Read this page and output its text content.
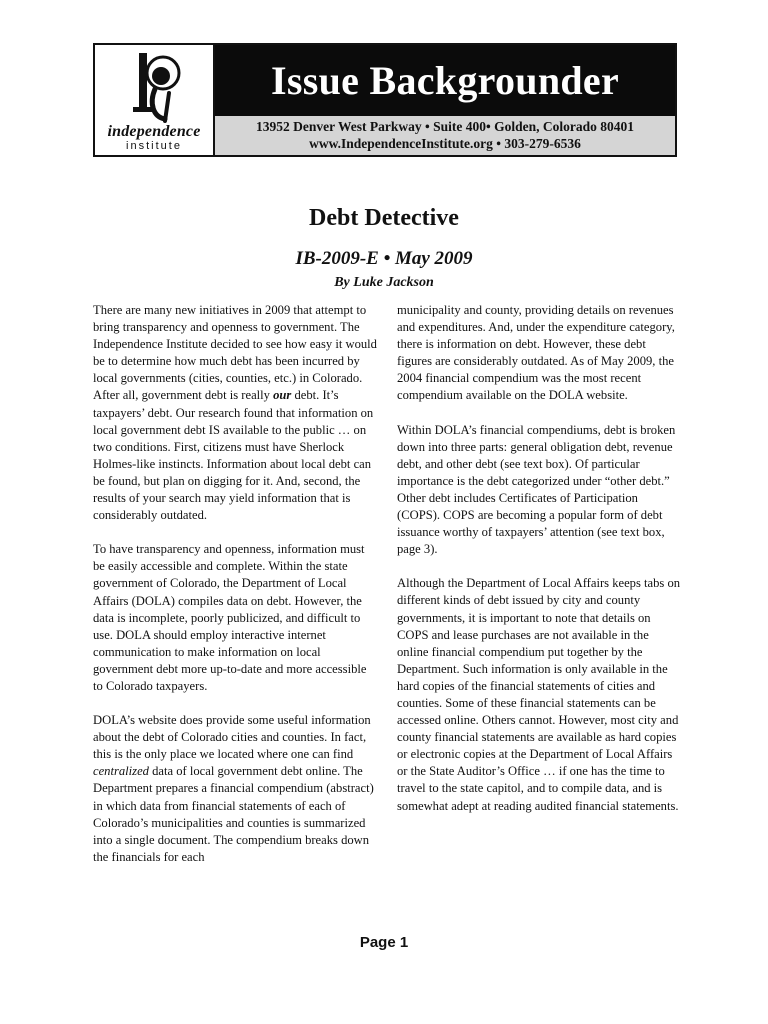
independence
institute
Issue Backgrounder
13952 Denver West Parkway • Suite 400• Golden, Colorado 80401
www.IndependenceInstitute.org • 303-279-6536
Debt Detective
IB-2009-E • May 2009
By Luke Jackson

There are many new initiatives in 2009 that attempt to bring transparency and openness to government. The Independence Institute decided to see how easy it would be to determine how much debt has been incurred by local governments (cities, counties, etc.) in Colorado. After all, government debt is really our debt. It’s taxpayers’ debt. Our research found that information on local government debt IS available to the public … on two conditions. First, citizens must have Sherlock Holmes-like instincts. Information about local debt can be found, but plan on digging for it. And, second, the results of your search may yield information that is considerably outdated.

To have transparency and openness, information must be easily accessible and complete. Within the state government of Colorado, the Department of Local Affairs (DOLA) compiles data on debt. However, the data is incomplete, poorly publicized, and difficult to use. DOLA should employ interactive internet communication to make information on local government debt more up-to-date and more accessible to Colorado taxpayers.

DOLA’s website does provide some useful information about the debt of Colorado cities and counties. In fact, this is the only place we located where one can find centralized data of local government debt online. The Department prepares a financial compendium (abstract) in which data from financial statements of each of Colorado’s municipalities and counties is summarized into a single document. The compendium breaks down the financials for each

municipality and county, providing details on revenues and expenditures. And, under the expenditure category, there is information on debt. However, these debt figures are considerably outdated. As of May 2009, the 2004 financial compendium was the most recent compendium available on the DOLA website.

Within DOLA’s financial compendiums, debt is broken down into three parts: general obligation debt, revenue debt, and other debt (see text box). Of particular importance is the debt categorized under “other debt.” Other debt includes Certificates of Participation (COPS). COPS are becoming a popular form of debt issuance worthy of taxpayers’ attention (see text box, page 3).

Although the Department of Local Affairs keeps tabs on different kinds of debt issued by city and county governments, it is important to note that details on COPS and lease purchases are not available in the online financial compendium put together by the Department. Such information is only available in the hard copies of the financial statements of cities and counties. Some of these financial statements can be accessed online. Others cannot. However, most city and county financial statements are available as hard copies or electronic copies at the Department of Local Affairs or the State Auditor’s Office … if one has the time to travel to the state capitol, and to compile data, and is somewhat adept at reading audited financial statements.

Page 1
